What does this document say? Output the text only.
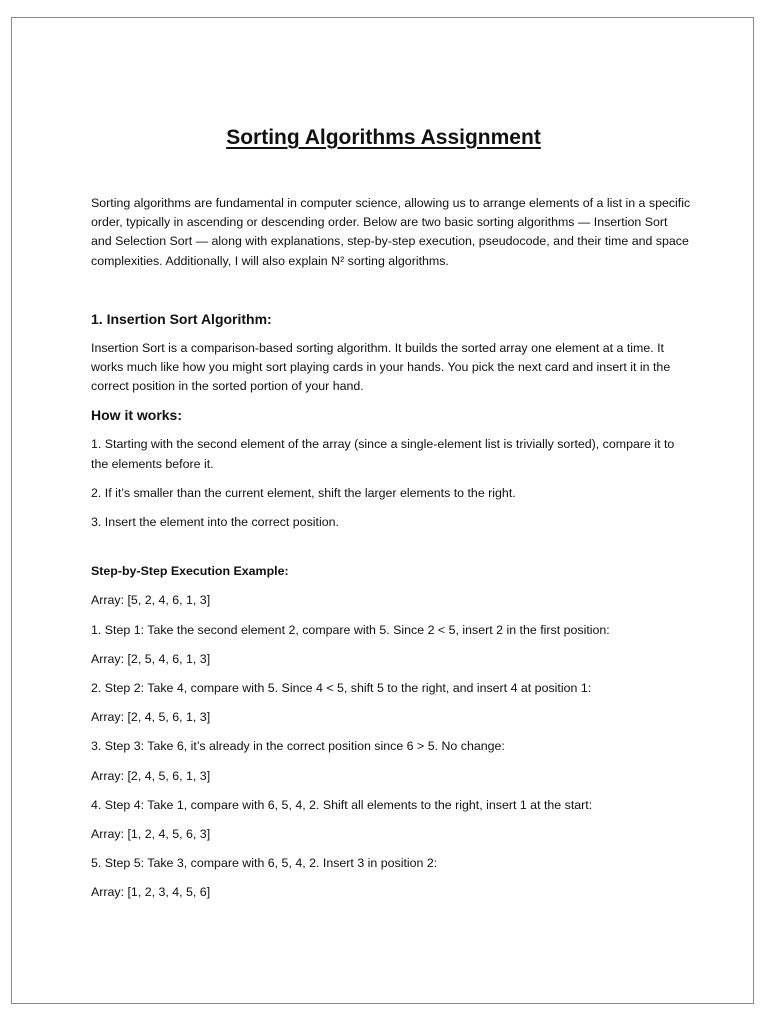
Sorting Algorithms Assignment

Sorting algorithms are fundamental in computer science, allowing us to arrange elements of a list in a specific order, typically in ascending or descending order. Below are two basic sorting algorithms — Insertion Sort and Selection Sort — along with explanations, step-by-step execution, pseudocode, and their time and space complexities. Additionally, I will also explain N² sorting algorithms.

1. Insertion Sort Algorithm:

Insertion Sort is a comparison-based sorting algorithm. It builds the sorted array one element at a time. It works much like how you might sort playing cards in your hands. You pick the next card and insert it in the correct position in the sorted portion of your hand.

How it works:

1. Starting with the second element of the array (since a single-element list is trivially sorted), compare it to the elements before it.

2. If it’s smaller than the current element, shift the larger elements to the right.

3. Insert the element into the correct position.

Step-by-Step Execution Example:

Array: [5, 2, 4, 6, 1, 3]

1. Step 1: Take the second element 2, compare with 5. Since 2 < 5, insert 2 in the first position:

Array: [2, 5, 4, 6, 1, 3]

2. Step 2: Take 4, compare with 5. Since 4 < 5, shift 5 to the right, and insert 4 at position 1:

Array: [2, 4, 5, 6, 1, 3]

3. Step 3: Take 6, it’s already in the correct position since 6 > 5. No change:

Array: [2, 4, 5, 6, 1, 3]

4. Step 4: Take 1, compare with 6, 5, 4, 2. Shift all elements to the right, insert 1 at the start:

Array: [1, 2, 4, 5, 6, 3]

5. Step 5: Take 3, compare with 6, 5, 4, 2. Insert 3 in position 2:

Array: [1, 2, 3, 4, 5, 6]
